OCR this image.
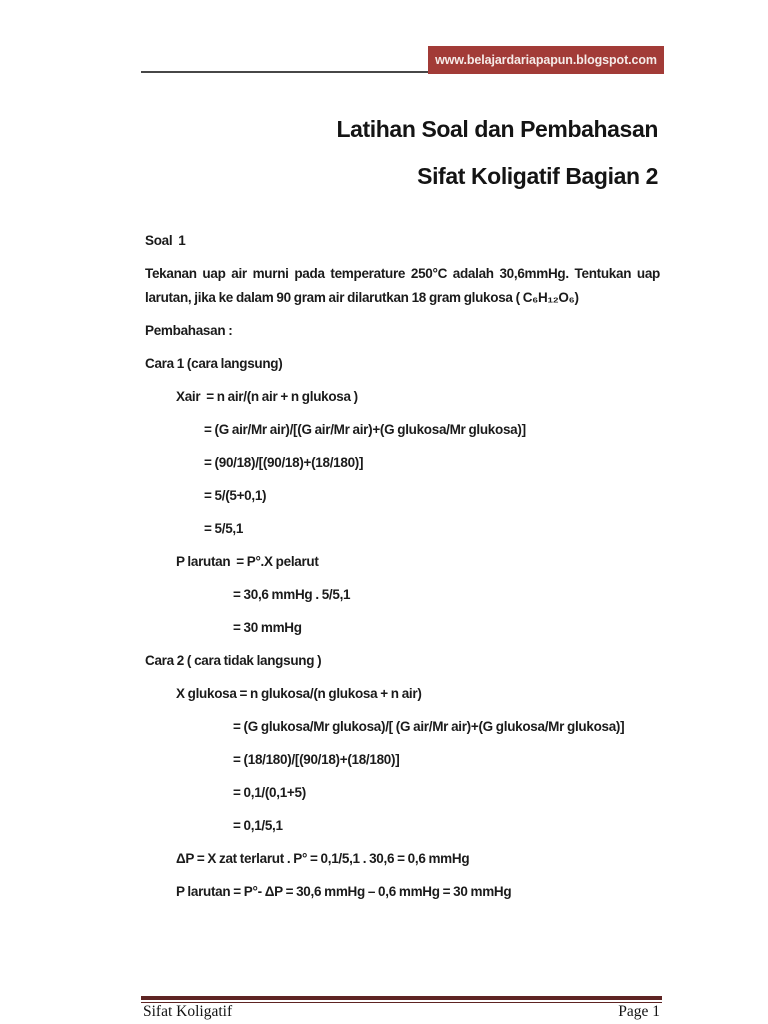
www.belajardariapapun.blogspot.com
Latihan Soal dan Pembahasan
Sifat Koligatif Bagian 2
Soal  1
Tekanan uap air murni pada temperature 250°C adalah 30,6mmHg. Tentukan uap
larutan, jika ke dalam 90 gram air dilarutkan 18 gram glukosa ( C₆H₁₂O₆)
Pembahasan :
Cara 1 (cara langsung)
Xair  = n air/(n air + n glukosa )
= (G air/Mr air)/[(G air/Mr air)+(G glukosa/Mr glukosa)]
= (90/18)/[(90/18)+(18/180)]
= 5/(5+0,1)
= 5/5,1
P larutan  = P°.X pelarut
= 30,6 mmHg . 5/5,1
= 30 mmHg
Cara 2 ( cara tidak langsung )
X glukosa = n glukosa/(n glukosa + n air)
= (G glukosa/Mr glukosa)/[ (G air/Mr air)+(G glukosa/Mr glukosa)]
= (18/180)/[(90/18)+(18/180)]
= 0,1/(0,1+5)
= 0,1/5,1
ΔP = X zat terlarut . P° = 0,1/5,1 . 30,6 = 0,6 mmHg
P larutan = P°- ΔP = 30,6 mmHg – 0,6 mmHg = 30 mmHg
Sifat Koligatif	Page 1
